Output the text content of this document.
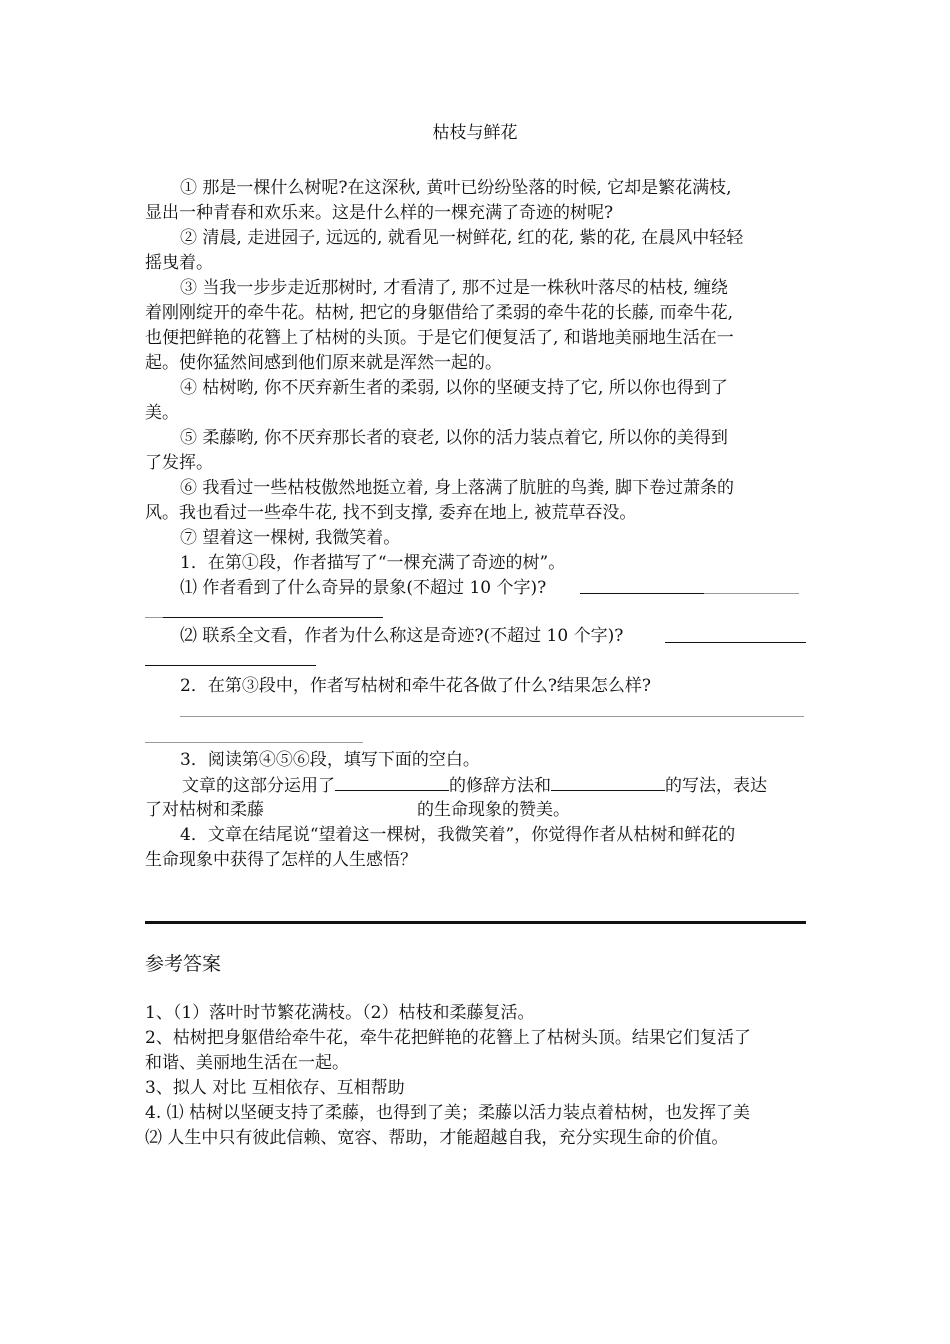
枯枝与鲜花
① 那是一棵什么树呢?在这深秋, 黄叶已纷纷坠落的时候, 它却是繁花满枝,
显出一种青春和欢乐来。这是什么样的一棵充满了奇迹的树呢?
② 清晨, 走进园子, 远远的, 就看见一树鲜花, 红的花, 紫的花, 在晨风中轻轻
摇曳着。
③ 当我一步步走近那树时, 才看清了, 那不过是一株秋叶落尽的枯枝, 缠绕
着刚刚绽开的牵牛花。枯树, 把它的身躯借给了柔弱的牵牛花的长藤, 而牵牛花,
也便把鲜艳的花簪上了枯树的头顶。于是它们便复活了, 和谐地美丽地生活在一
起。使你猛然间感到他们原来就是浑然一起的。
④ 枯树哟, 你不厌弃新生者的柔弱, 以你的坚硬支持了它, 所以你也得到了
美。
⑤ 柔藤哟, 你不厌弃那长者的衰老, 以你的活力装点着它, 所以你的美得到
了发挥。
⑥ 我看过一些枯枝傲然地挺立着, 身上落满了肮脏的鸟粪, 脚下卷过萧条的
风。我也看过一些牵牛花, 找不到支撑, 委弃在地上, 被荒草吞没。
⑦ 望着这一棵树, 我微笑着。
1．在第①段，作者描写了“一棵充满了奇迹的树”。
⑴ 作者看到了什么奇异的景象(不超过 10 个字)?
⑵ 联系全文看，作者为什么称这是奇迹?(不超过 10 个字)?
2．在第③段中，作者写枯树和牵牛花各做了什么?结果怎么样?
3．阅读第④⑤⑥段，填写下面的空白。
文章的这部分运用了	的修辞方法和	的写法，表达
了对枯树和柔藤	的生命现象的赞美。
4．文章在结尾说“望着这一棵树，我微笑着”，你觉得作者从枯树和鲜花的
生命现象中获得了怎样的人生感悟？
参考答案
1、（1）落叶时节繁花满枝。（2）枯枝和柔藤复活。
2、枯树把身躯借给牵牛花，牵牛花把鲜艳的花簪上了枯树头顶。结果它们复活了
和谐、美丽地生活在一起。
3、拟人 对比 互相依存、互相帮助
4. ⑴ 枯树以坚硬支持了柔藤，也得到了美；柔藤以活力装点着枯树，也发挥了美
⑵ 人生中只有彼此信赖、宽容、帮助，才能超越自我，充分实现生命的价值。
